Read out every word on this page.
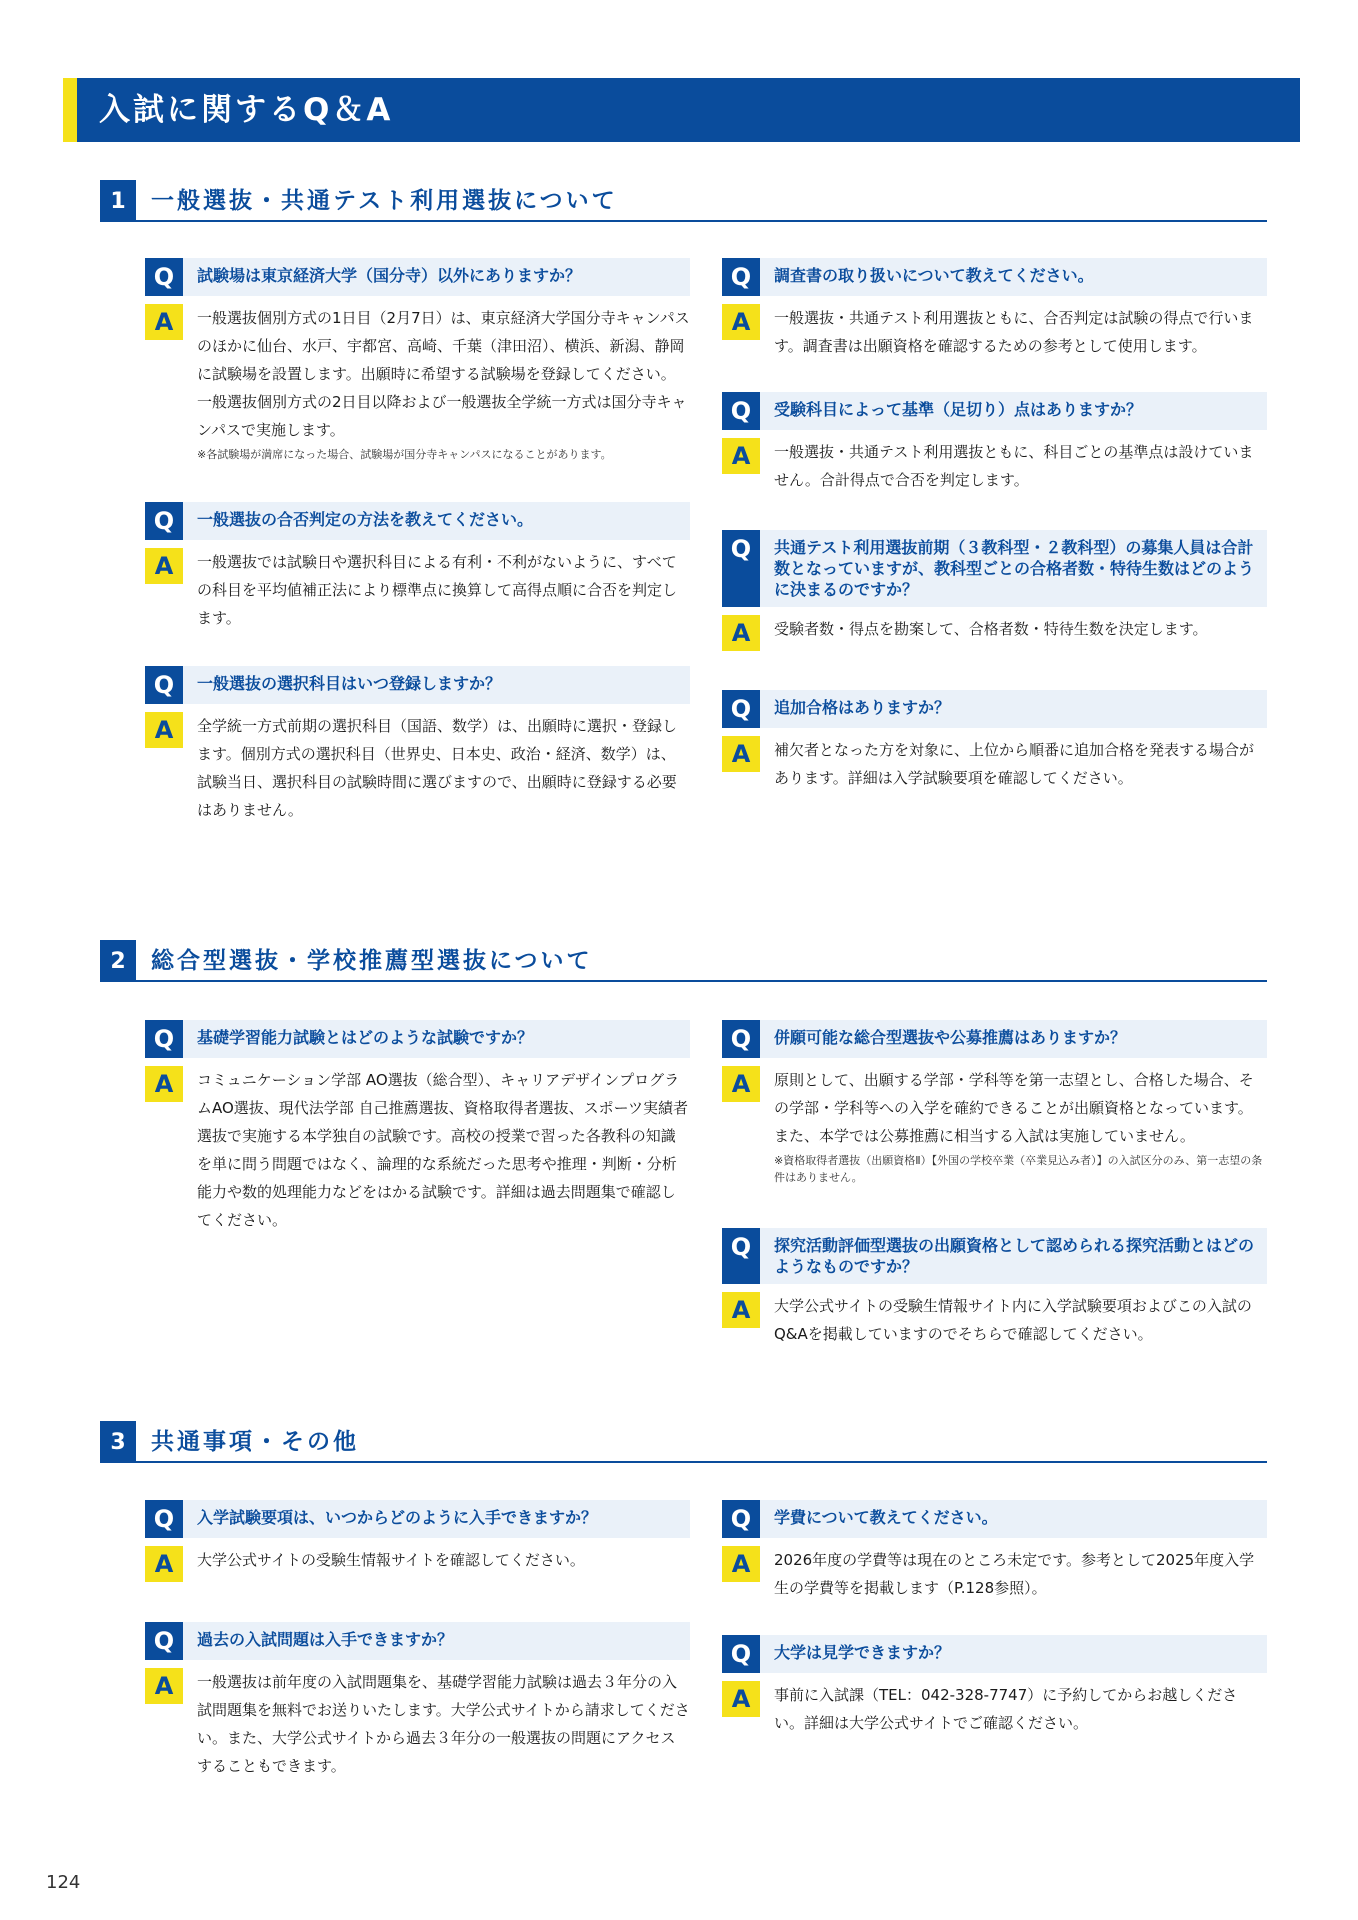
入試に関するQ＆A
1	一般選抜・共通テスト利用選抜について
Q	試験場は東京経済大学（国分寺）以外にありますか？
A	一般選抜個別方式の1日目（2月7日）は、東京経済大学国分寺キャンパスのほかに仙台、水戸、宇都宮、高崎、千葉（津田沼）、横浜、新潟、静岡に試験場を設置します。出願時に希望する試験場を登録してください。一般選抜個別方式の2日目以降および一般選抜全学統一方式は国分寺キャンパスで実施します。
※各試験場が満席になった場合、試験場が国分寺キャンパスになることがあります。
Q	一般選抜の合否判定の方法を教えてください。
A	一般選抜では試験日や選択科目による有利・不利がないように、すべての科目を平均値補正法により標準点に換算して高得点順に合否を判定します。
Q	一般選抜の選択科目はいつ登録しますか？
A	全学統一方式前期の選択科目（国語、数学）は、出願時に選択・登録します。個別方式の選択科目（世界史、日本史、政治・経済、数学）は、試験当日、選択科目の試験時間に選びますので、出願時に登録する必要はありません。
Q	調査書の取り扱いについて教えてください。
A	一般選抜・共通テスト利用選抜ともに、合否判定は試験の得点で行います。調査書は出願資格を確認するための参考として使用します。
Q	受験科目によって基準（足切り）点はありますか？
A	一般選抜・共通テスト利用選抜ともに、科目ごとの基準点は設けていません。合計得点で合否を判定します。
Q	共通テスト利用選抜前期（３教科型・２教科型）の募集人員は合計数となっていますが、教科型ごとの合格者数・特待生数はどのように決まるのですか？
A	受験者数・得点を勘案して、合格者数・特待生数を決定します。
Q	追加合格はありますか？
A	補欠者となった方を対象に、上位から順番に追加合格を発表する場合があります。詳細は入学試験要項を確認してください。
2	総合型選抜・学校推薦型選抜について
Q	基礎学習能力試験とはどのような試験ですか？
A	コミュニケーション学部 AO選抜（総合型）、キャリアデザインプログラムAO選抜、現代法学部 自己推薦選抜、資格取得者選抜、スポーツ実績者選抜で実施する本学独自の試験です。高校の授業で習った各教科の知識を単に問う問題ではなく、論理的な系統だった思考や推理・判断・分析能力や数的処理能力などをはかる試験です。詳細は過去問題集で確認してください。
Q	併願可能な総合型選抜や公募推薦はありますか？
A	原則として、出願する学部・学科等を第一志望とし、合格した場合、その学部・学科等への入学を確約できることが出願資格となっています。また、本学では公募推薦に相当する入試は実施していません。
※資格取得者選抜（出願資格Ⅱ）【外国の学校卒業（卒業見込み者）】の入試区分のみ、第一志望の条件はありません。
Q	探究活動評価型選抜の出願資格として認められる探究活動とはどのようなものですか？
A	大学公式サイトの受験生情報サイト内に入学試験要項およびこの入試のQ&Aを掲載していますのでそちらで確認してください。
3	共通事項・その他
Q	入学試験要項は、いつからどのように入手できますか？
A	大学公式サイトの受験生情報サイトを確認してください。
Q	過去の入試問題は入手できますか？
A	一般選抜は前年度の入試問題集を、基礎学習能力試験は過去３年分の入試問題集を無料でお送りいたします。大学公式サイトから請求してください。また、大学公式サイトから過去３年分の一般選抜の問題にアクセスすることもできます。
Q	学費について教えてください。
A	2026年度の学費等は現在のところ未定です。参考として2025年度入学生の学費等を掲載します（P.128参照）。
Q	大学は見学できますか？
A	事前に入試課（TEL：042-328-7747）に予約してからお越しください。詳細は大学公式サイトでご確認ください。
124
